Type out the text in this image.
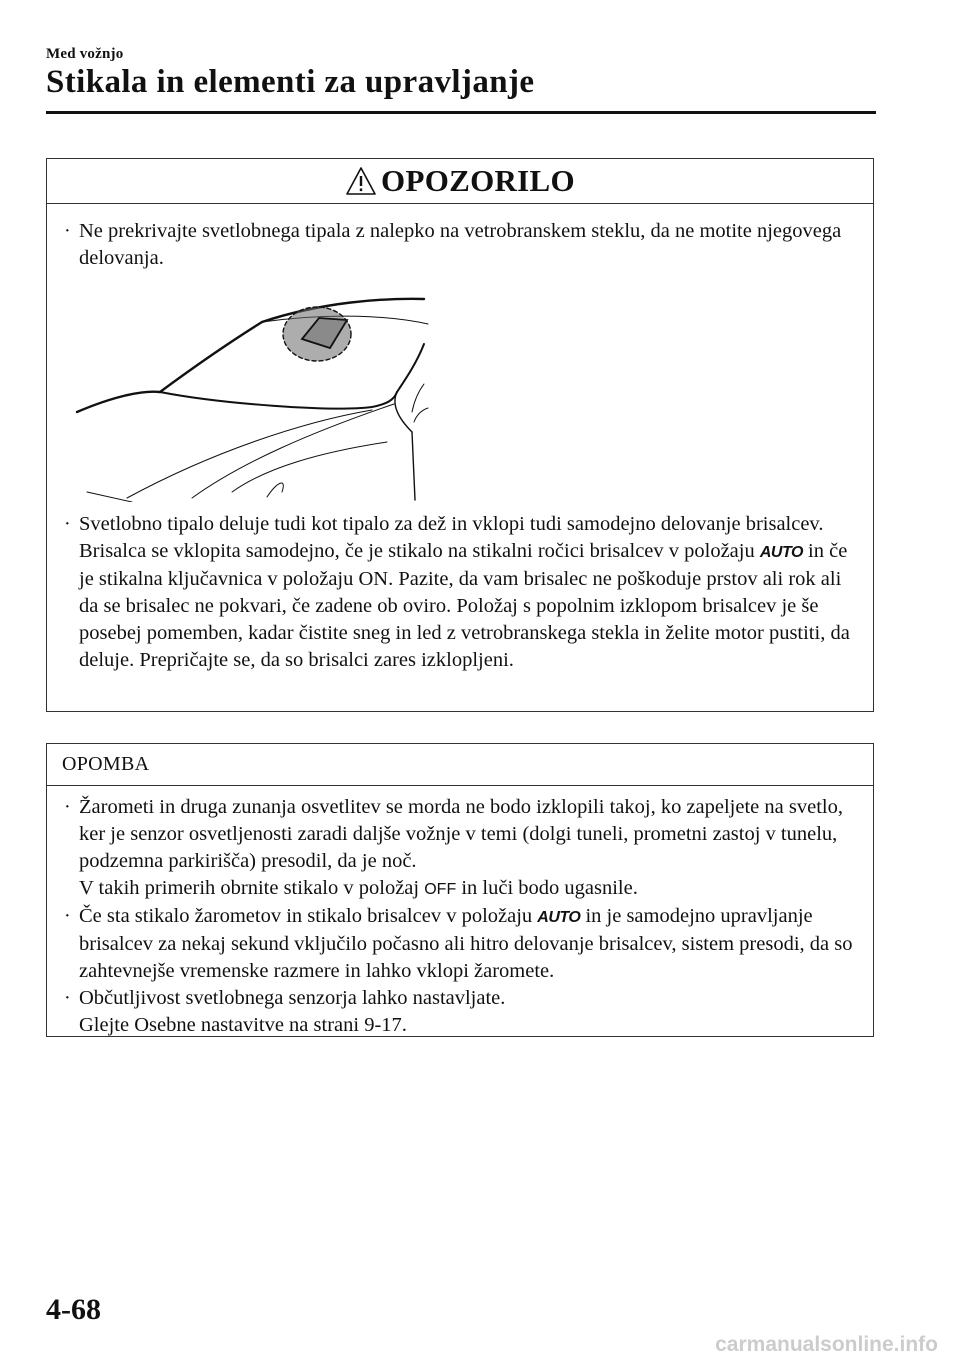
Med vožnjo
Stikala in elementi za upravljanje
OPOZORILO
· Ne prekrivajte svetlobnega tipala z nalepko na vetrobranskem steklu, da ne motite njegovega delovanja.
· Svetlobno tipalo deluje tudi kot tipalo za dež in vklopi tudi samodejno delovanje brisalcev. Brisalca se vklopita samodejno, če je stikalo na stikalni ročici brisalcev v položaju AUTO in če je stikalna ključavnica v položaju ON. Pazite, da vam brisalec ne poškoduje prstov ali rok ali da se brisalec ne pokvari, če zadene ob oviro. Položaj s popolnim izklopom brisalcev je še posebej pomemben, kadar čistite sneg in led z vetrobranskega stekla in želite motor pustiti, da deluje. Prepričajte se, da so brisalci zares izklopljeni.
OPOMBA
· Žarometi in druga zunanja osvetlitev se morda ne bodo izklopili takoj, ko zapeljete na svetlo, ker je senzor osvetljenosti zaradi daljše vožnje v temi (dolgi tuneli, prometni zastoj v tunelu, podzemna parkirišča) presodil, da je noč.
V takih primerih obrnite stikalo v položaj OFF in luči bodo ugasnile.
· Če sta stikalo žarometov in stikalo brisalcev v položaju AUTO in je samodejno upravljanje brisalcev za nekaj sekund vključilo počasno ali hitro delovanje brisalcev, sistem presodi, da so zahtevnejše vremenske razmere in lahko vklopi žaromete.
· Občutljivost svetlobnega senzorja lahko nastavljate.
Glejte Osebne nastavitve na strani 9-17.
4-68
carmanualsonline.info
